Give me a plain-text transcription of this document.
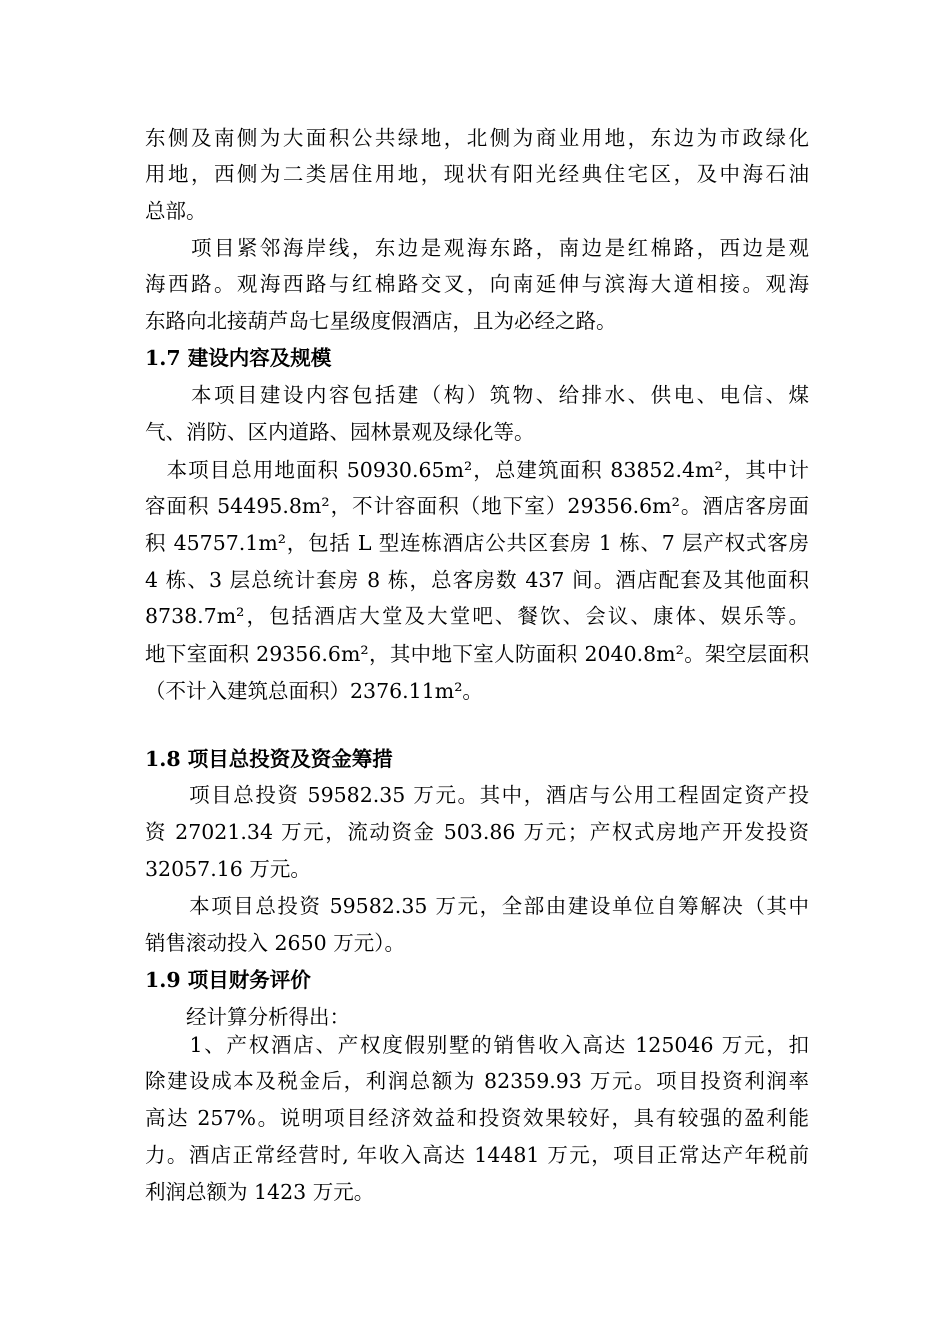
东侧及南侧为大面积公共绿地，北侧为商业用地，东边为市政绿化
用地，西侧为二类居住用地，现状有阳光经典住宅区，及中海石油
总部。
　　项目紧邻海岸线，东边是观海东路，南边是红棉路，西边是观
海西路。观海西路与红棉路交叉，向南延伸与滨海大道相接。观海
东路向北接葫芦岛七星级度假酒店，且为必经之路。
1.7 建设内容及规模
　　本项目建设内容包括建（构）筑物、给排水、供电、电信、煤
气、消防、区内道路、园林景观及绿化等。
　本项目总用地面积 50930.65m²，总建筑面积 83852.4m²，其中计
容面积 54495.8m²，不计容面积（地下室）29356.6m²。酒店客房面
积 45757.1m²，包括 L 型连栋酒店公共区套房 1 栋、7 层产权式客房
4 栋、3 层总统计套房 8 栋，总客房数 437 间。酒店配套及其他面积
8738.7m²，包括酒店大堂及大堂吧、餐饮、会议、康体、娱乐等。
地下室面积 29356.6m²，其中地下室人防面积 2040.8m²。架空层面积
（不计入建筑总面积）2376.11m²。
1.8 项目总投资及资金筹措
　　项目总投资 59582.35 万元。其中，酒店与公用工程固定资产投
资 27021.34 万元，流动资金 503.86 万元；产权式房地产开发投资
32057.16 万元。
　　本项目总投资 59582.35 万元，全部由建设单位自筹解决（其中
销售滚动投入 2650 万元）。
1.9 项目财务评价
　　经计算分析得出：
　　1、产权酒店、产权度假别墅的销售收入高达 125046 万元，扣
除建设成本及税金后，利润总额为 82359.93 万元。项目投资利润率
高达 257%。说明项目经济效益和投资效果较好，具有较强的盈利能
力。酒店正常经营时, 年收入高达 14481 万元，项目正常达产年税前
利润总额为 1423 万元。
